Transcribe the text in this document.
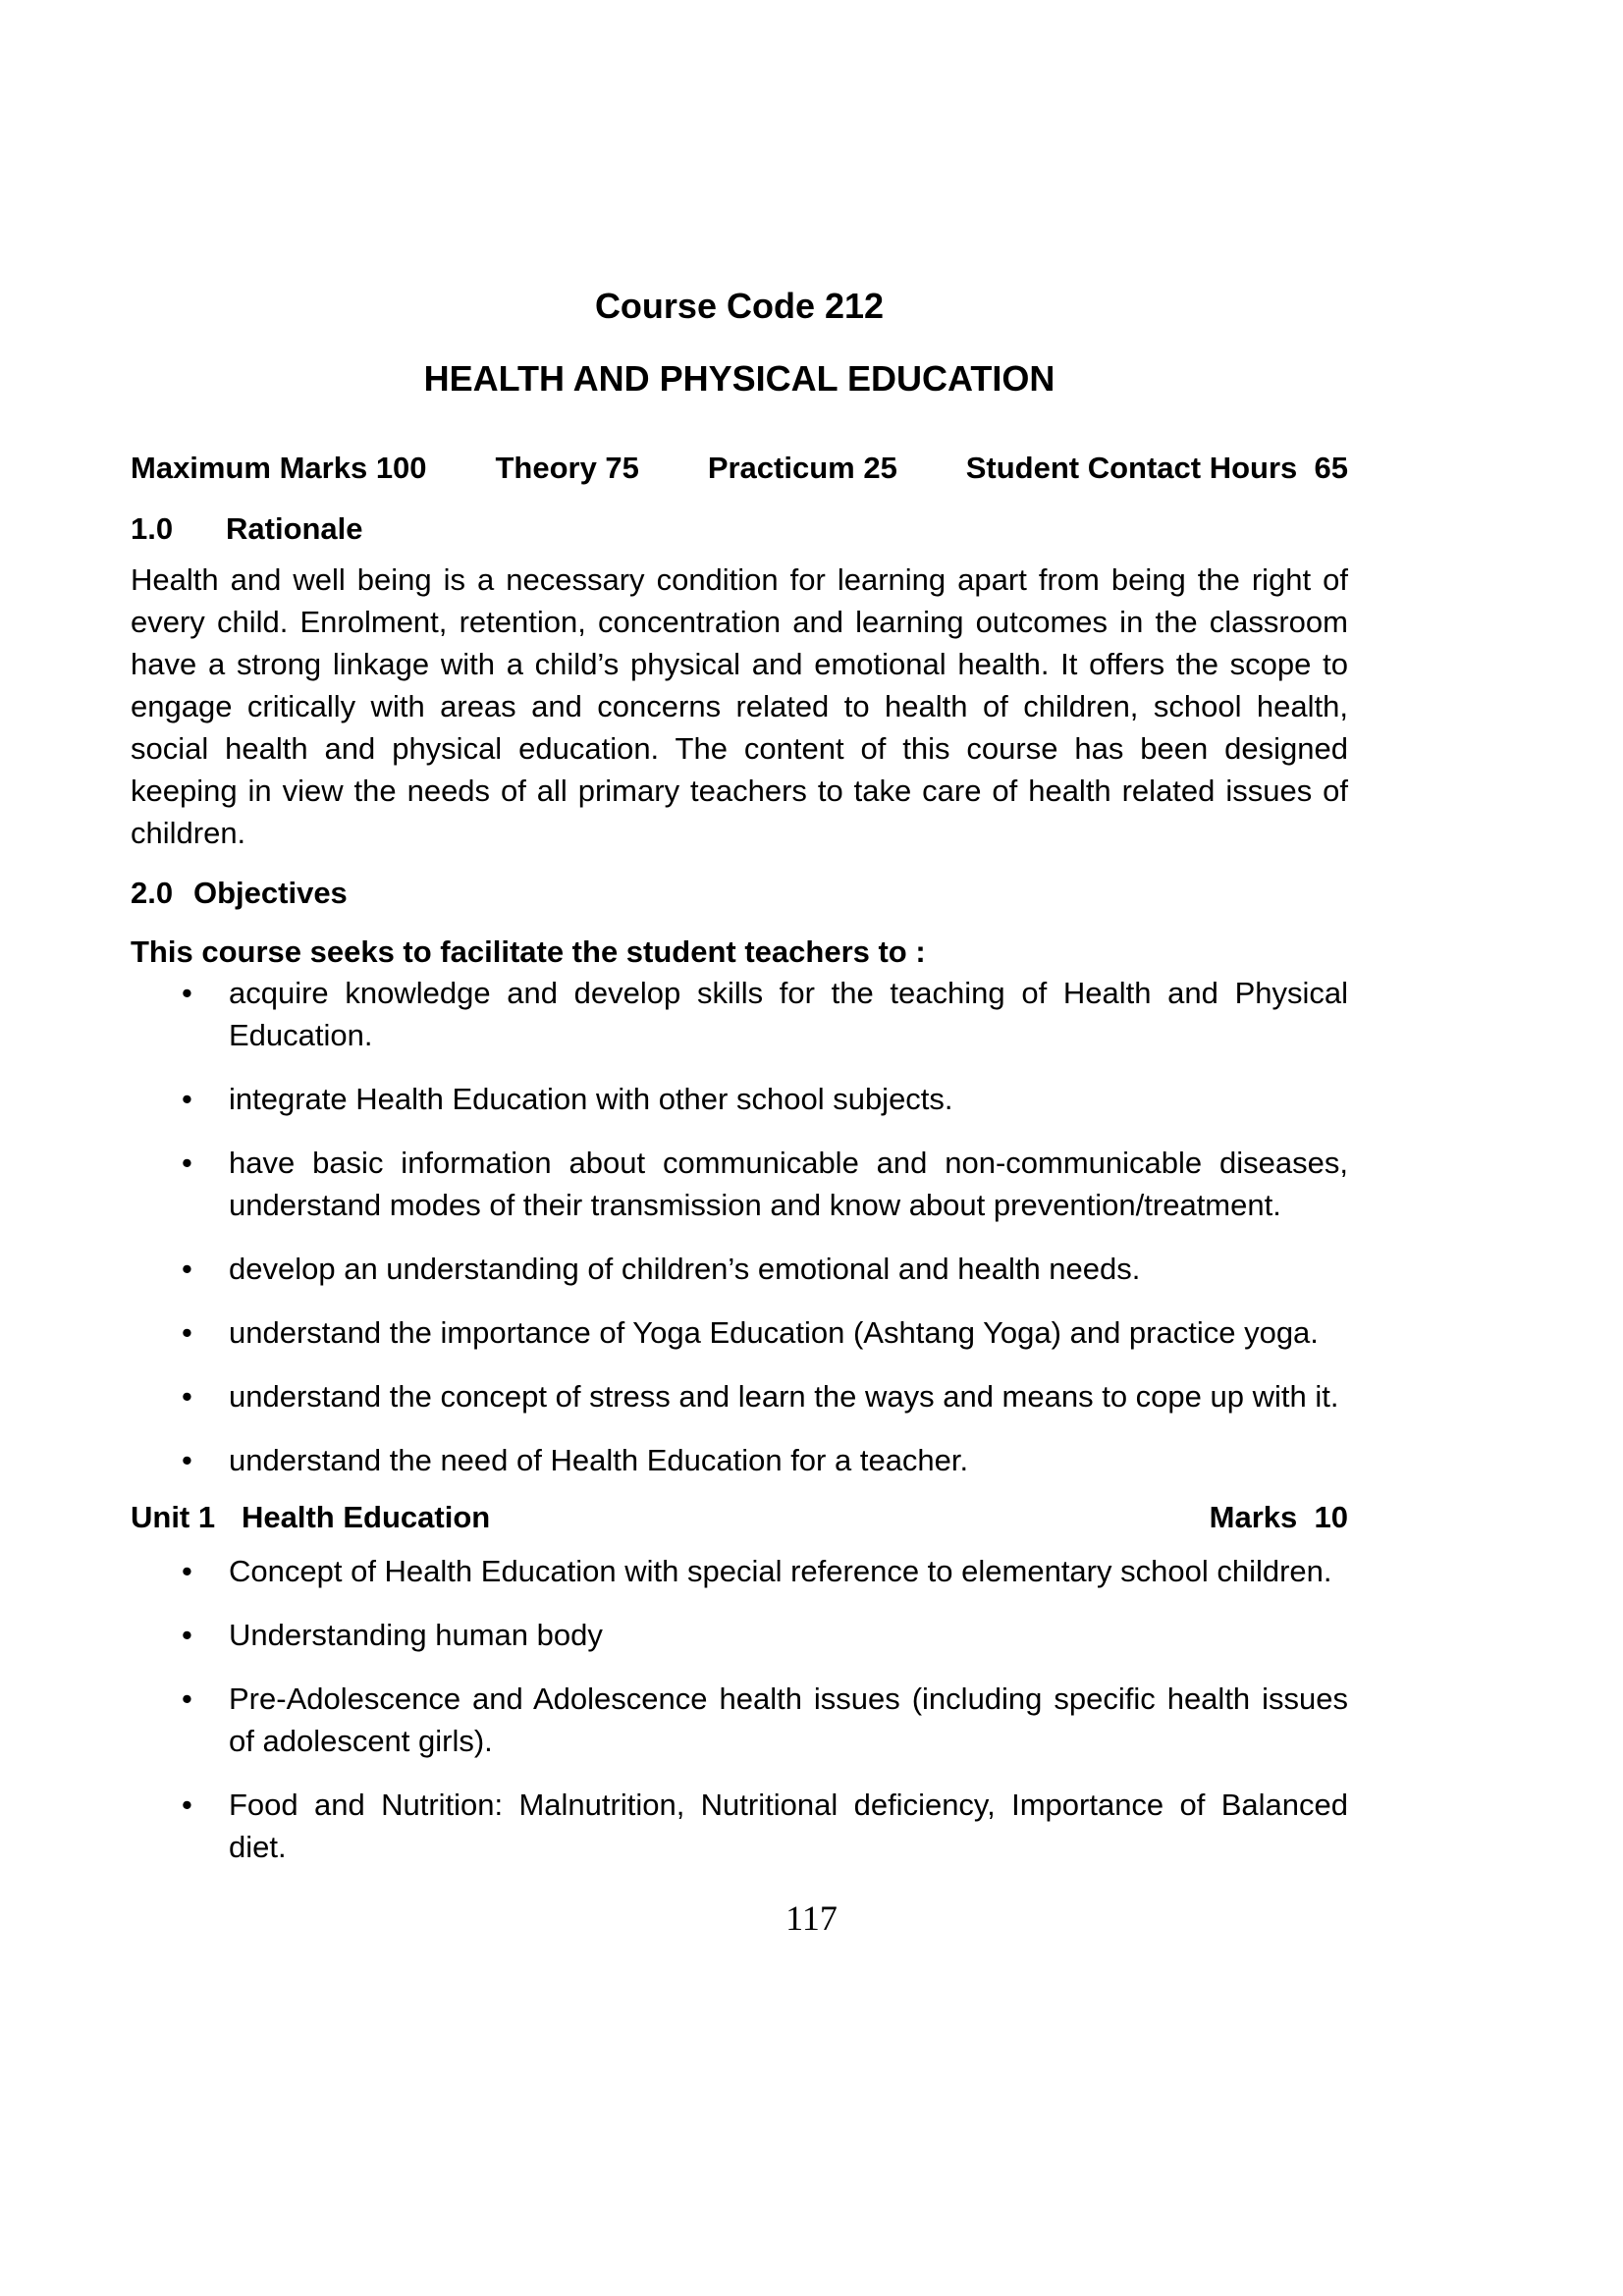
Course Code 212
HEALTH AND PHYSICAL EDUCATION
Maximum Marks 100 Theory 75 Practicum 25 Student Contact Hours  65
1.0 Rationale
Health and well being is a necessary condition for learning apart from being the right of every child. Enrolment, retention, concentration and learning outcomes in the classroom have a strong linkage with a child’s physical and emotional health. It offers the scope to engage critically with areas and concerns related to health of children, school health, social health and physical education. The content of this course has been designed keeping in view the needs of all primary teachers to take care of health related issues of children.
2.0 Objectives
This course seeks to facilitate the student teachers to :
• acquire knowledge and develop skills for the teaching of Health and Physical Education.
• integrate Health Education with other school subjects.
• have basic information about communicable and non-communicable diseases, understand modes of their transmission and know about prevention/treatment.
• develop an understanding of children’s emotional and health needs.
• understand the importance of Yoga Education (Ashtang Yoga) and practice yoga.
• understand the concept of stress and learn the ways and means to cope up with it.
• understand the need of Health Education for a teacher.
Unit 1 Health Education	Marks  10
• Concept of Health Education with special reference to elementary school children.
• Understanding human body
• Pre-Adolescence and Adolescence health issues (including specific health issues of adolescent girls).
• Food and Nutrition: Malnutrition, Nutritional deficiency, Importance of Balanced diet.
117
